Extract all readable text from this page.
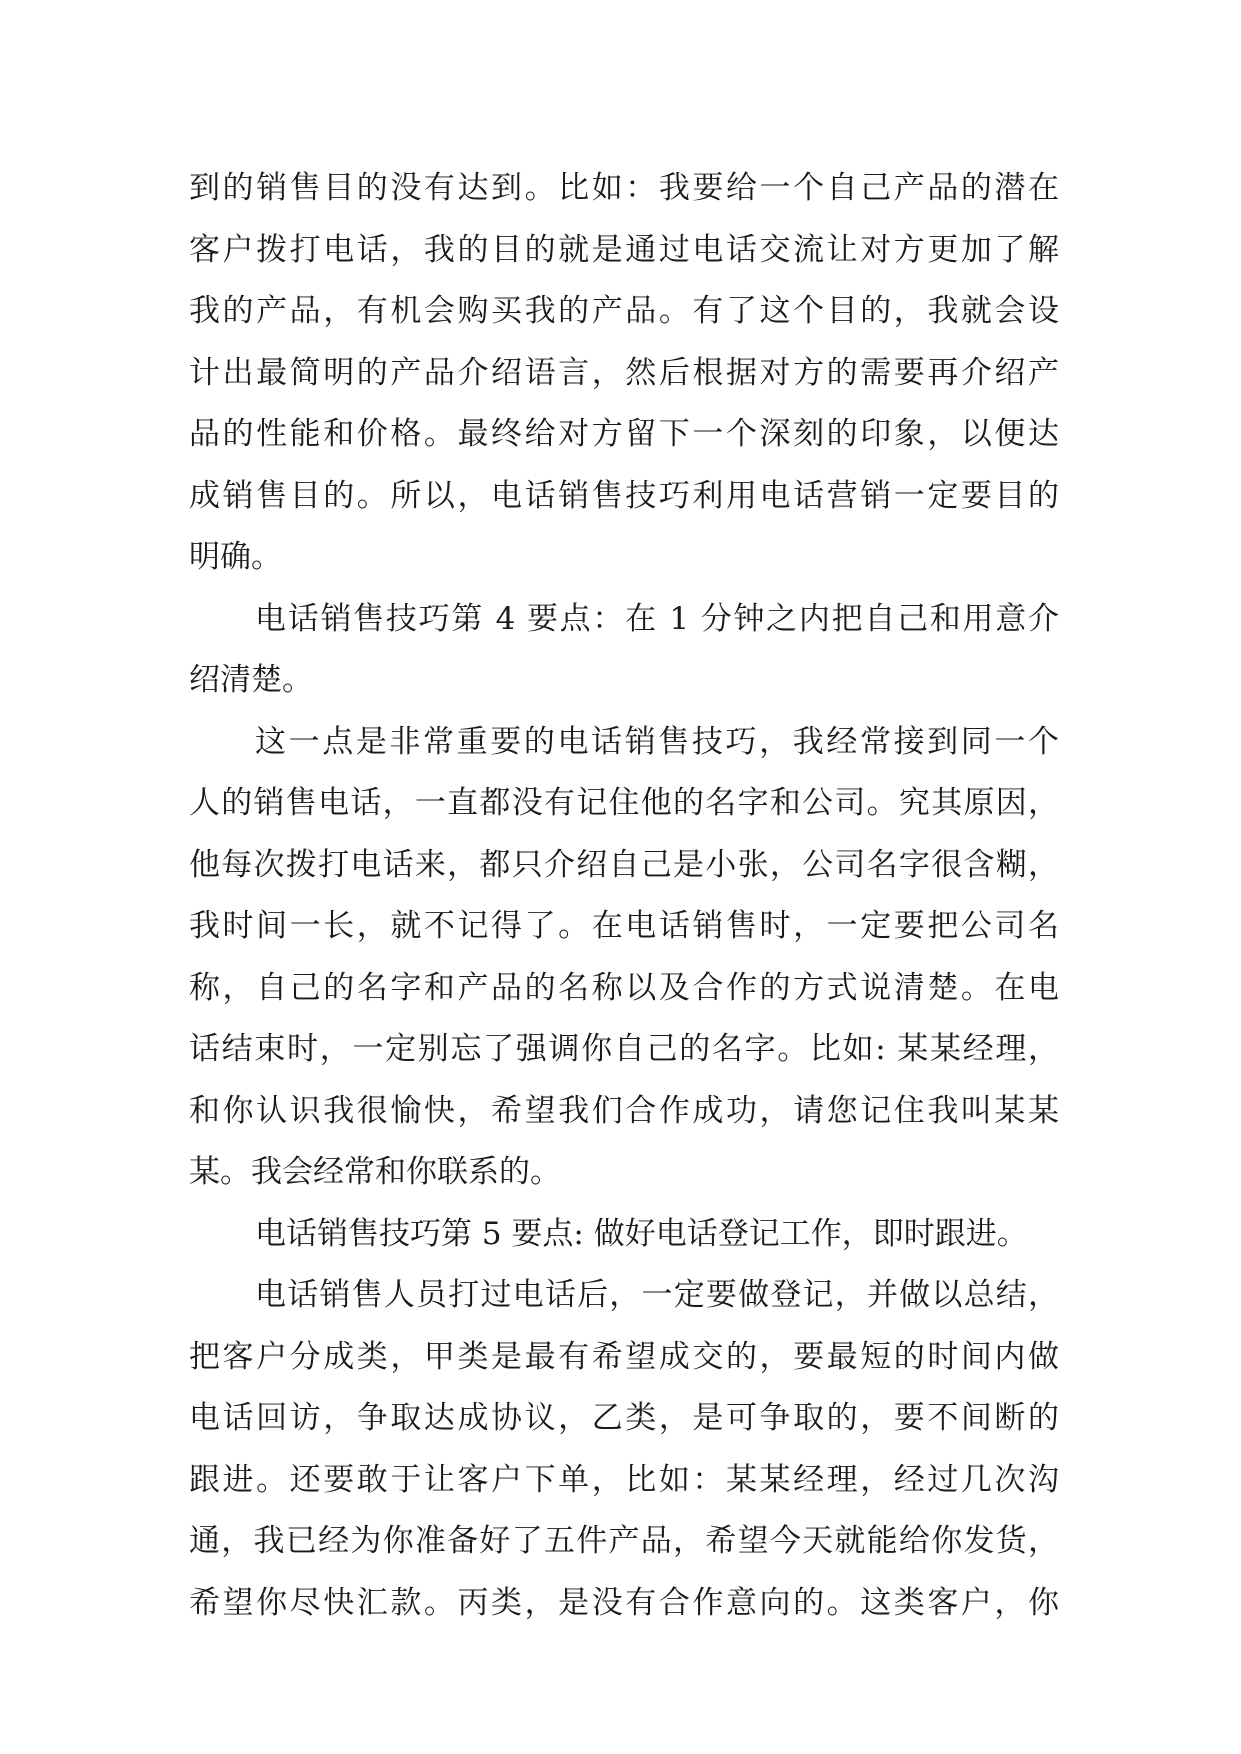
到的销售目的没有达到。比如：我要给一个自己产品的潜在
客户拨打电话，我的目的就是通过电话交流让对方更加了解
我的产品，有机会购买我的产品。有了这个目的，我就会设
计出最简明的产品介绍语言，然后根据对方的需要再介绍产
品的性能和价格。最终给对方留下一个深刻的印象，以便达
成销售目的。所以，电话销售技巧利用电话营销一定要目的
明确。
电话销售技巧第 4 要点：在 1 分钟之内把自己和用意介
绍清楚。
这一点是非常重要的电话销售技巧，我经常接到同一个
人的销售电话，一直都没有记住他的名字和公司。究其原因，
他每次拨打电话来，都只介绍自己是小张，公司名字很含糊，
我时间一长，就不记得了。在电话销售时，一定要把公司名
称，自己的名字和产品的名称以及合作的方式说清楚。在电
话结束时，一定别忘了强调你自己的名字。比如: 某某经理，
和你认识我很愉快，希望我们合作成功，请您记住我叫某某
某。我会经常和你联系的。
电话销售技巧第 5 要点: 做好电话登记工作，即时跟进。
电话销售人员打过电话后，一定要做登记，并做以总结，
把客户分成类，甲类是最有希望成交的，要最短的时间内做
电话回访，争取达成协议，乙类，是可争取的，要不间断的
跟进。还要敢于让客户下单，比如：某某经理，经过几次沟
通，我已经为你准备好了五件产品，希望今天就能给你发货，
希望你尽快汇款。丙类，是没有合作意向的。这类客户，你
